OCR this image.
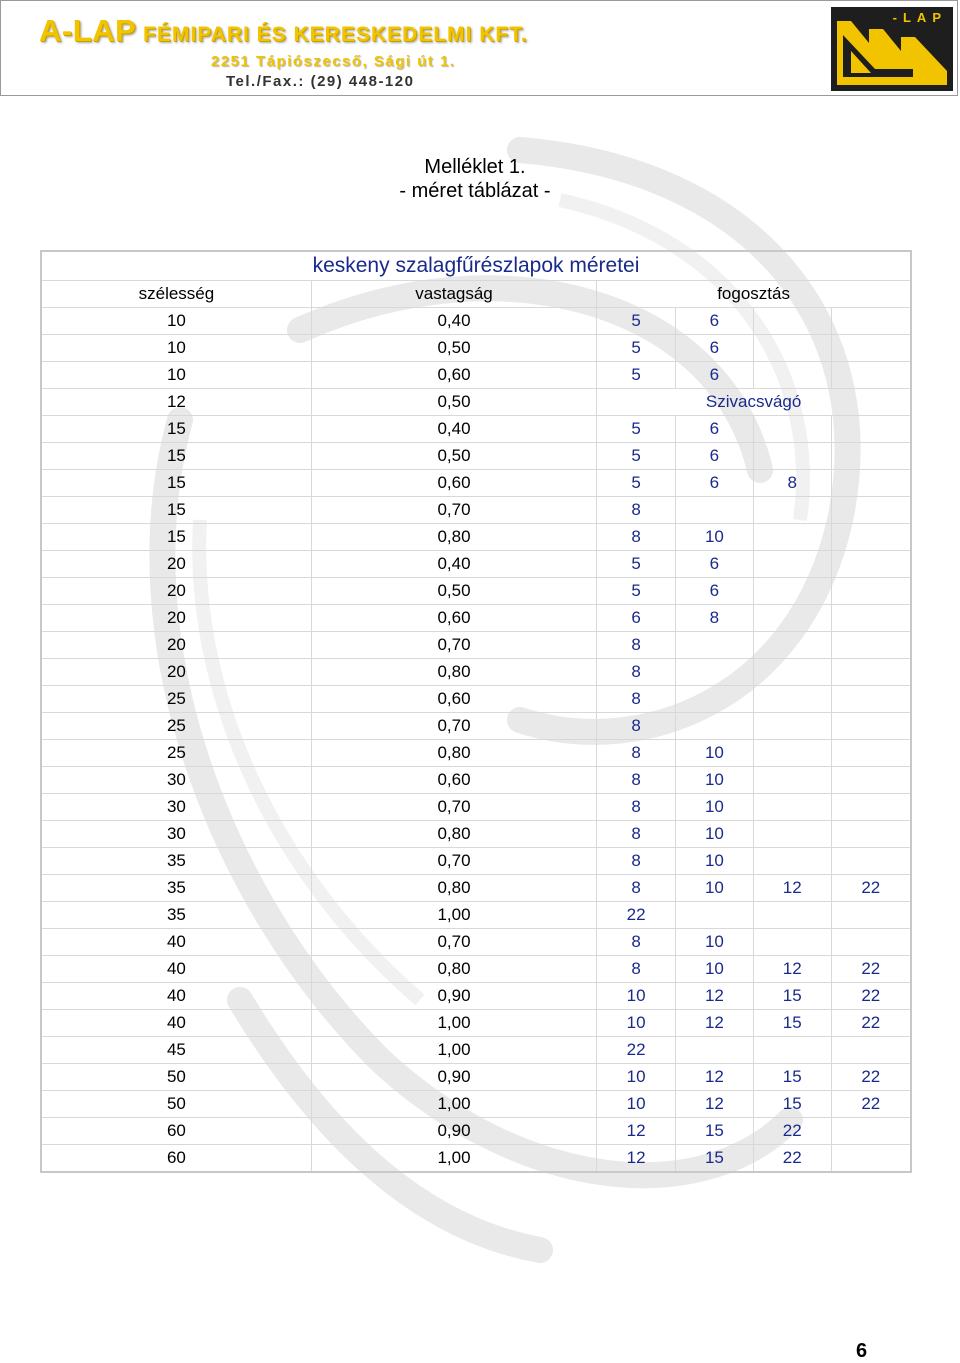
A-LAP FÉMIPARI ÉS KERESKEDELMI KFT.
2251 Tápiószecső, Sági út 1.
Tel./Fax.: (29) 448-120
-LAP
Melléklet 1.
- méret táblázat -
keskeny szalagfűrészlapok méretei					
szélesség	vastagság	fogosztás			
10	0,40	5	6		
10	0,50	5	6		
10	0,60	5	6		
12	0,50	Szivacsvágó			
15	0,40	5	6		
15	0,50	5	6		
15	0,60	5	6	8	
15	0,70	8			
15	0,80	8	10		
20	0,40	5	6		
20	0,50	5	6		
20	0,60	6	8		
20	0,70	8			
20	0,80	8			
25	0,60	8			
25	0,70	8			
25	0,80	8	10		
30	0,60	8	10		
30	0,70	8	10		
30	0,80	8	10		
35	0,70	8	10		
35	0,80	8	10	12	22
35	1,00	22			
40	0,70	8	10		
40	0,80	8	10	12	22
40	0,90	10	12	15	22
40	1,00	10	12	15	22
45	1,00	22			
50	0,90	10	12	15	22
50	1,00	10	12	15	22
60	0,90	12	15	22	
60	1,00	12	15	22	
6
